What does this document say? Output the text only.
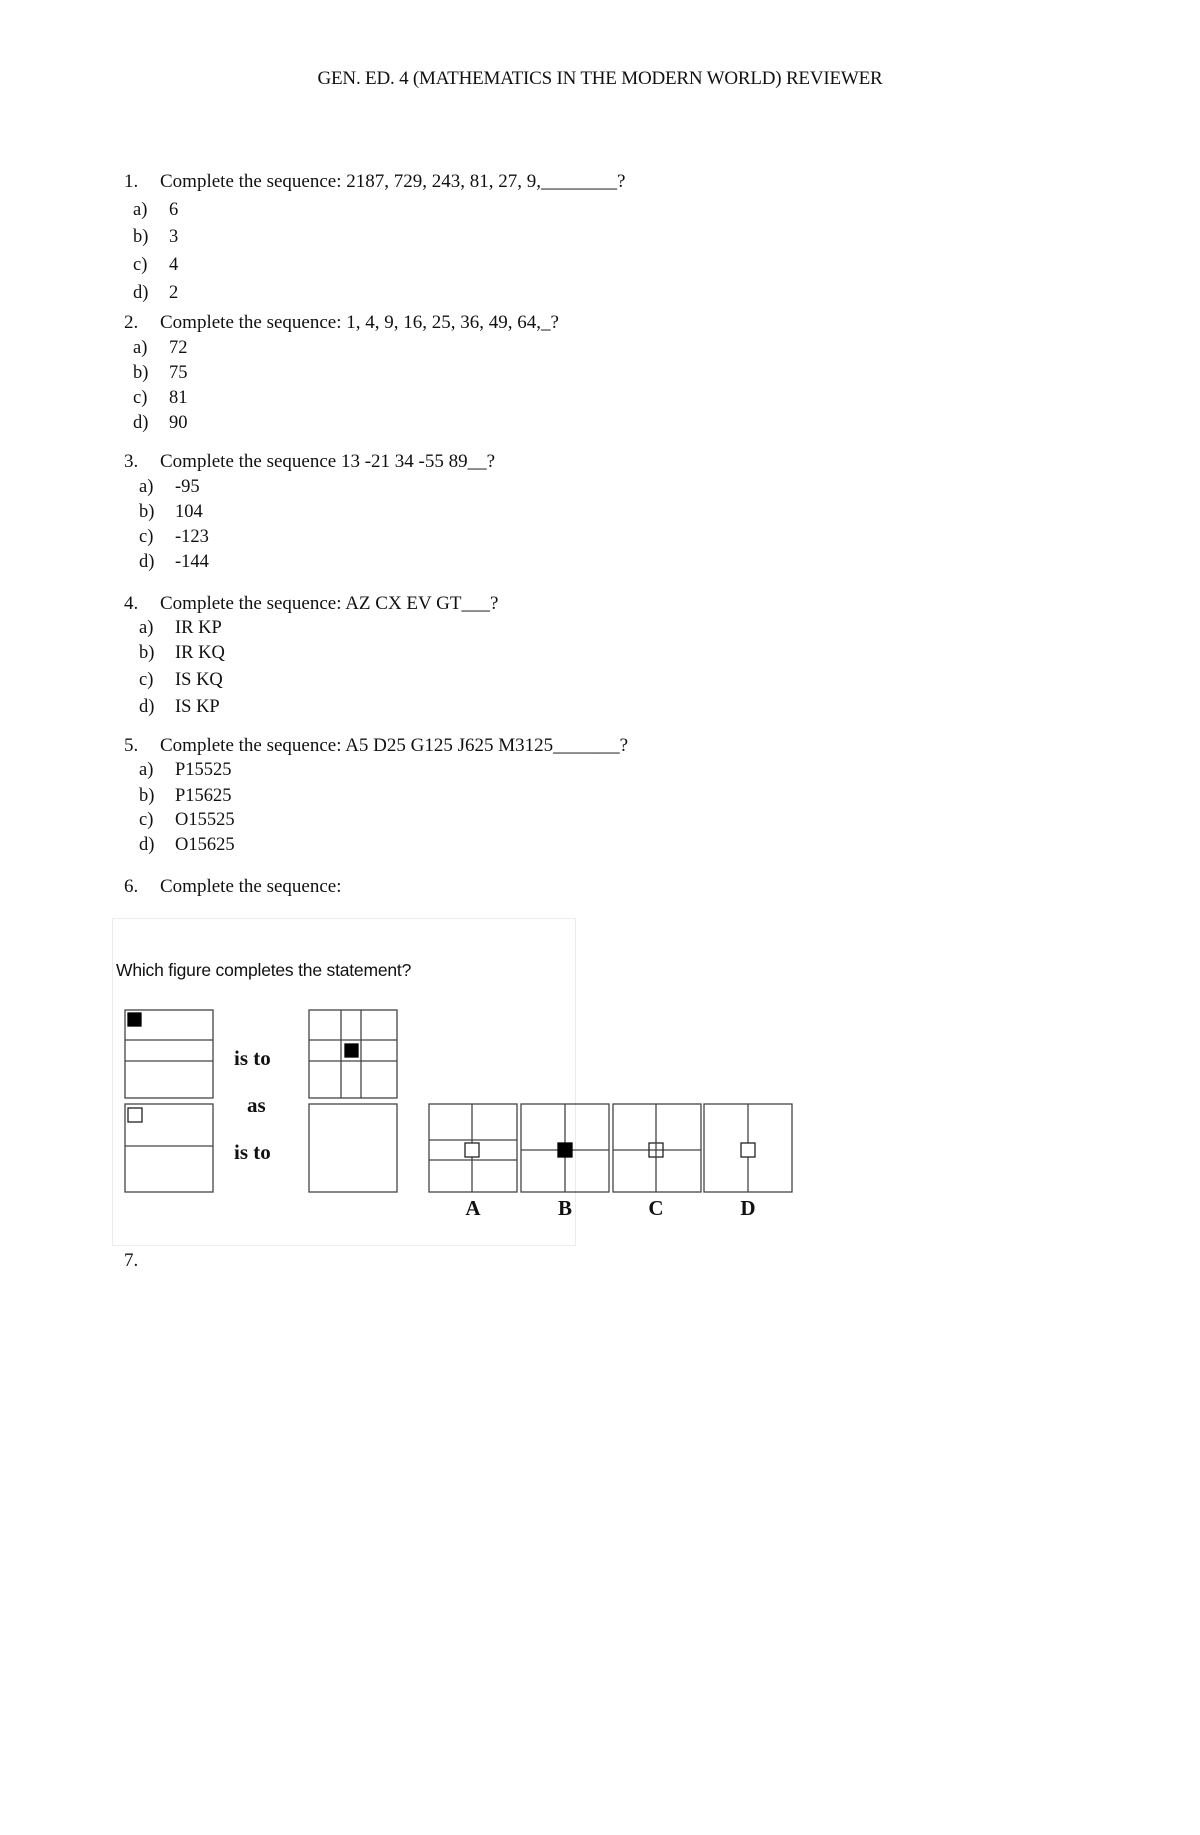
GEN. ED. 4 (MATHEMATICS IN THE MODERN WORLD) REVIEWER
1. Complete the sequence: 2187, 729, 243, 81, 27, 9,________?
a) 6
b) 3
c) 4
d) 2
2. Complete the sequence: 1, 4, 9, 16, 25, 36, 49, 64,_?
a) 72
b) 75
c) 81
d) 90
3. Complete the sequence 13 -21 34 -55 89__?
a) -95
b) 104
c) -123
d) -144
4. Complete the sequence: AZ CX EV GT___?
a) IR KP
b) IR KQ
c) IS KQ
d) IS KP
5. Complete the sequence: A5 D25 G125 J625 M3125_______?
a) P15525
b) P15625
c) O15525
d) O15625
6. Complete the sequence:
Which figure completes the statement?
is to
as
is to
A	B	C	D
7.
